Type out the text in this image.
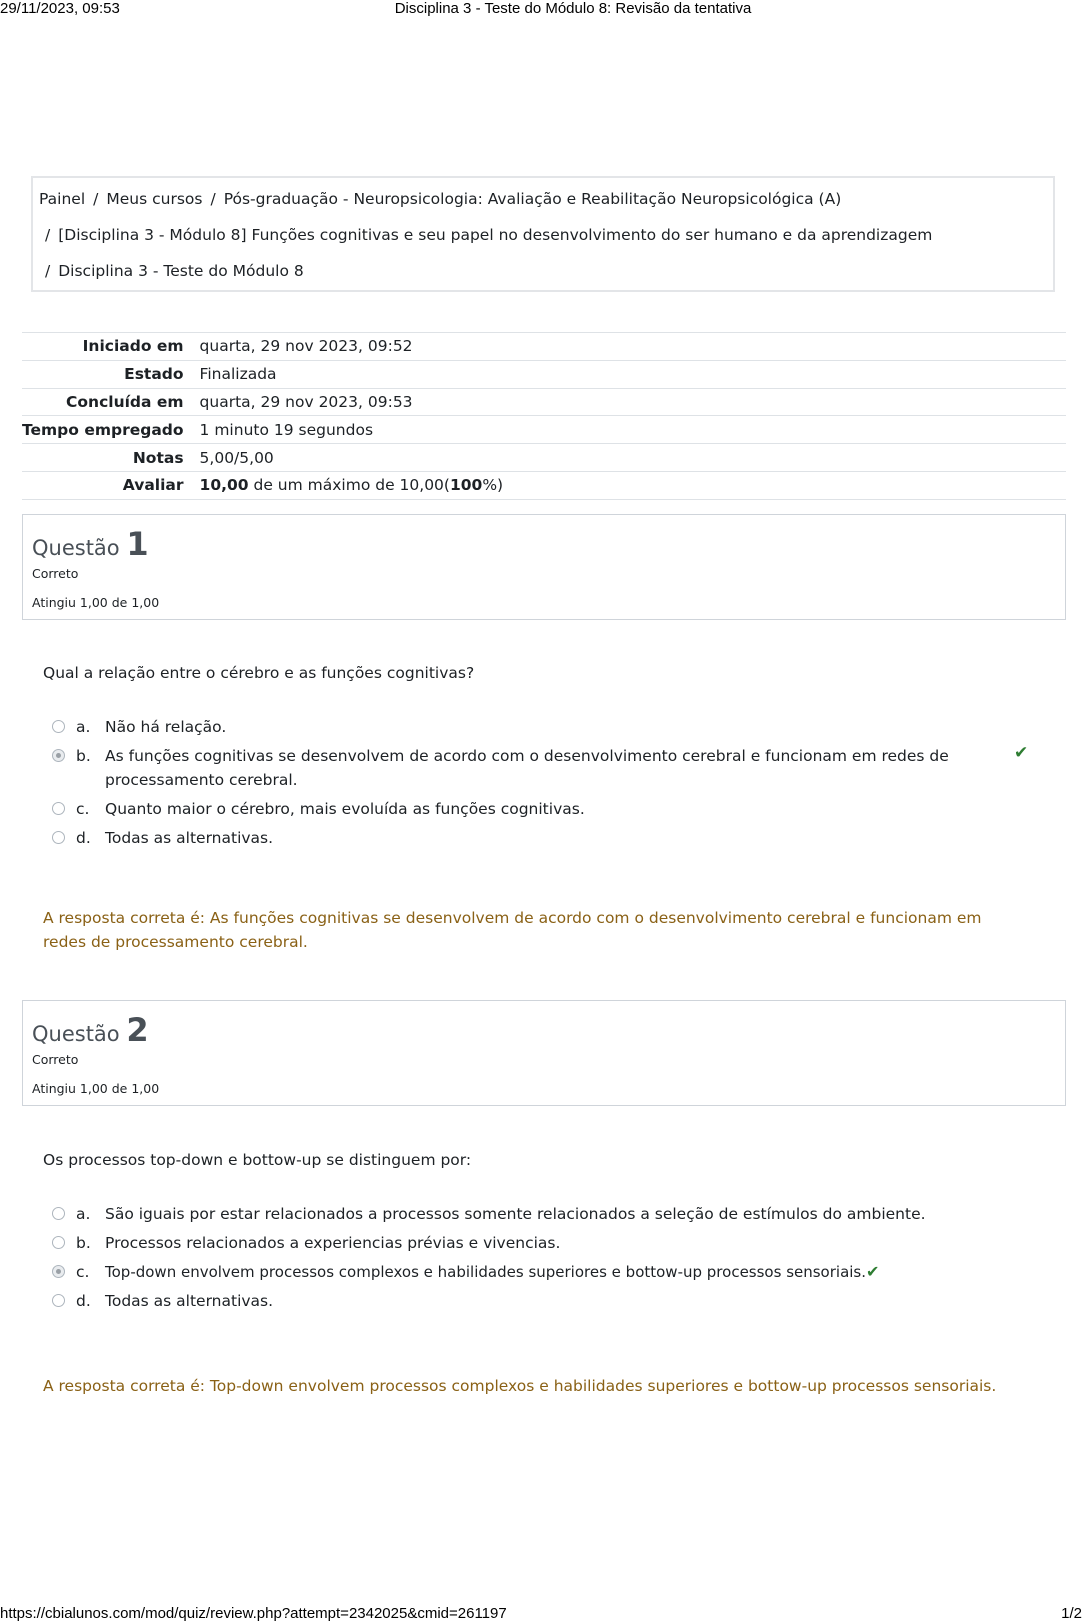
29/11/2023, 09:53	Disciplina 3 - Teste do Módulo 8: Revisão da tentativa
Painel / Meus cursos / Pós-graduação - Neuropsicologia: Avaliação e Reabilitação Neuropsicológica (A)
/ [Disciplina 3 - Módulo 8] Funções cognitivas e seu papel no desenvolvimento do ser humano e da aprendizagem
/ Disciplina 3 - Teste do Módulo 8
Iniciado em	quarta, 29 nov 2023, 09:52
Estado	Finalizada
Concluída em	quarta, 29 nov 2023, 09:53
Tempo empregado	1 minuto 19 segundos
Notas	5,00/5,00
Avaliar	10,00 de um máximo de 10,00(100%)
Questão 1
Correto
Atingiu 1,00 de 1,00
Qual a relação entre o cérebro e as funções cognitivas?
a. Não há relação.
b. As funções cognitivas se desenvolvem de acordo com o desenvolvimento cerebral e funcionam em redes de processamento cerebral.
✔
c. Quanto maior o cérebro, mais evoluída as funções cognitivas.
d. Todas as alternativas.
A resposta correta é: As funções cognitivas se desenvolvem de acordo com o desenvolvimento cerebral e funcionam em redes de processamento cerebral.
Questão 2
Correto
Atingiu 1,00 de 1,00
Os processos top-down e bottow-up se distinguem por:
a. São iguais por estar relacionados a processos somente relacionados a seleção de estímulos do ambiente.
b. Processos relacionados a experiencias prévias e vivencias.
c. Top-down envolvem processos complexos e habilidades superiores e bottow-up processos sensoriais.✔
d. Todas as alternativas.
A resposta correta é: Top-down envolvem processos complexos e habilidades superiores e bottow-up processos sensoriais.
https://cbialunos.com/mod/quiz/review.php?attempt=2342025&cmid=261197	1/2
